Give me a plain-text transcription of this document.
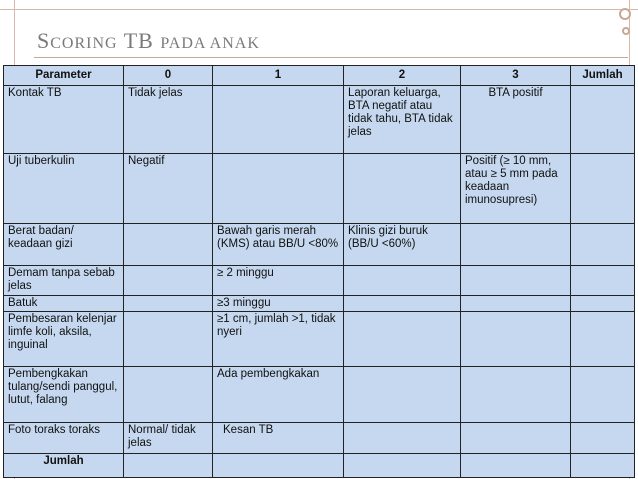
SCORING TB PADA ANAK
Parameter	0	1	2	3	Jumlah
Kontak TB	Tidak jelas		Laporan keluarga, BTA negatif atau tidak tahu, BTA tidak jelas	BTA positif	
Uji tuberkulin	Negatif			Positif (≥ 10 mm, atau ≥ 5 mm pada keadaan imunosupresi)	
Berat badan/ keadaan gizi		Bawah garis merah (KMS) atau BB/U <80%	Klinis gizi buruk (BB/U <60%)		
Demam tanpa sebab jelas		≥ 2 minggu			
Batuk		≥3 minggu			
Pembesaran kelenjar limfe koli, aksila, inguinal		≥1 cm, jumlah >1, tidak nyeri			
Pembengkakan tulang/sendi panggul, lutut, falang		Ada pembengkakan			
Foto toraks toraks	Normal/ tidak jelas	Kesan TB			
Jumlah					
